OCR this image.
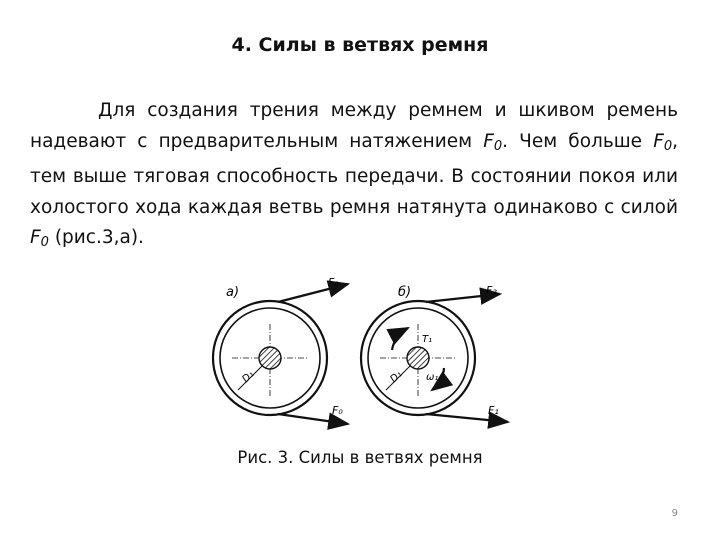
4. Силы в ветвях ремня

Для создания трения между ремнем и шкивом ремень надевают с предварительным натяжением $F_0$. Чем больше $F_0$, тем выше тяговая способность передачи. В состоянии покоя или холостого хода каждая ветвь ремня натянута одинаково с силой $F_0$ (рис.3,а).

а)
D₁
F₀
F₀
б)
D₁
T₁
ω₁
F₂
F₁
Рис. 3. Силы в ветвях ремня
9
